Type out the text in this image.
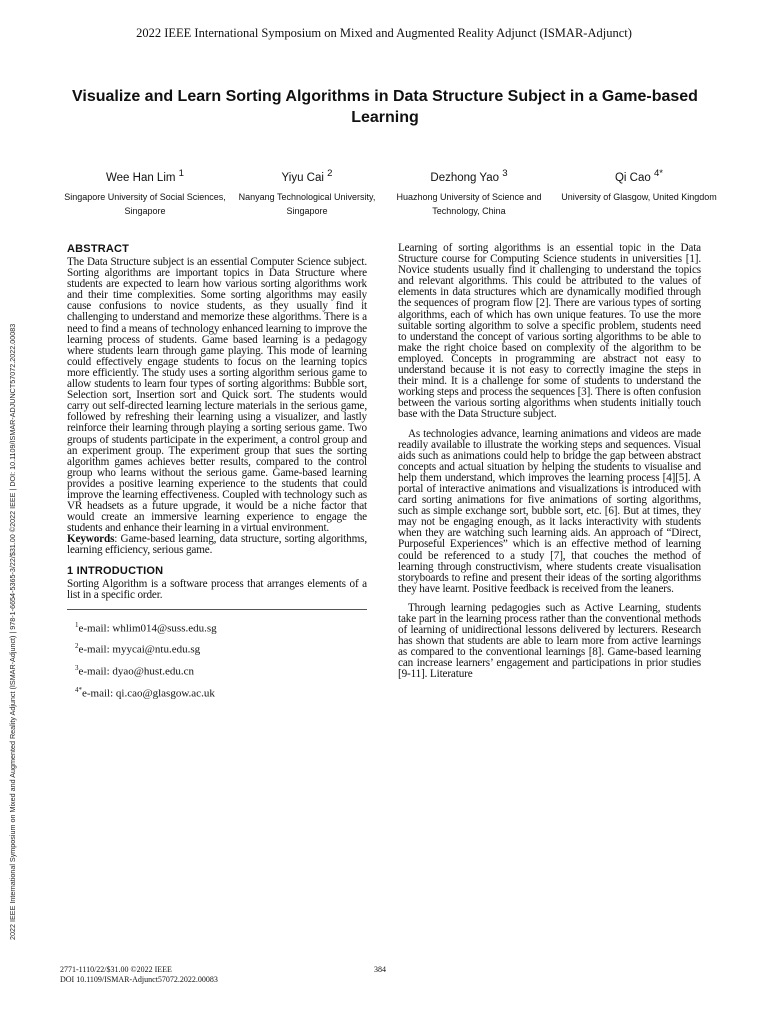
2022 IEEE International Symposium on Mixed and Augmented Reality Adjunct (ISMAR-Adjunct)
2022 IEEE International Symposium on Mixed and Augmented Reality Adjunct (ISMAR-Adjunct) | 978-1-6654-5365-3/22/$31.00 ©2022 IEEE | DOI: 10.1109/ISMAR-ADJUNCT57072.2022.00083
Visualize and Learn Sorting Algorithms in Data Structure Subject in a Game-based Learning
Wee Han Lim $^1$
Singapore University of Social Sciences, Singapore
Yiyu Cai $^2$
Nanyang Technological University, Singapore
Dezhong Yao $^3$
Huazhong University of Science and Technology, China
Qi Cao $^{4*}$
University of Glasgow, United Kingdom
ABSTRACT

The Data Structure subject is an essential Computer Science subject. Sorting algorithms are important topics in Data Structure where students are expected to learn how various sorting algorithms work and their time complexities. Some sorting algorithms may easily cause confusions to novice students, as they usually find it challenging to understand and memorize these algorithms. There is a need to find a means of technology enhanced learning to improve the learning process of students. Game based learning is a pedagogy where students learn through game playing. This mode of learning could effectively engage students to focus on the learning topics more efficiently. The study uses a sorting algorithm serious game to allow students to learn four types of sorting algorithms: Bubble sort, Selection sort, Insertion sort and Quick sort. The students would carry out self-directed learning lecture materials in the serious game, followed by refreshing their learning using a visualizer, and lastly reinforce their learning through playing a sorting serious game. Two groups of students participate in the experiment, a control group and an experiment group. The experiment group that sues the sorting algorithm games achieves better results, compared to the control group who learns without the serious game. Game-based learning provides a positive learning experience to the students that could improve the learning effectiveness. Coupled with technology such as VR headsets as a future upgrade, it would be a niche factor that would create an immersive learning experience to engage the students and enhance their learning in a virtual environment.

Keywords: Game-based learning, data structure, sorting algorithms, learning efficiency, serious game.

1 INTRODUCTION

Sorting Algorithm is a software process that arranges elements of a list in a specific order.

$^1$e-mail: whlim014@suss.edu.sg
$^2$e-mail: myycai@ntu.edu.sg
$^3$e-mail: dyao@hust.edu.cn
$^{4*}$e-mail: qi.cao@glasgow.ac.uk

Learning of sorting algorithms is an essential topic in the Data Structure course for Computing Science students in universities [1]. Novice students usually find it challenging to understand the topics and relevant algorithms. This could be attributed to the values of elements in data structures which are dynamically modified through the sequences of program flow [2]. There are various types of sorting algorithms, each of which has own unique features. To use the more suitable sorting algorithm to solve a specific problem, students need to understand the concept of various sorting algorithms to be able to make the right choice based on complexity of the algorithm to be employed. Concepts in programming are abstract not easy to understand because it is not easy to correctly imagine the steps in their mind. It is a challenge for some of students to understand the working steps and process the sequences [3]. There is often confusion between the various sorting algorithms when students initially touch base with the Data Structure subject.

As technologies advance, learning animations and videos are made readily available to illustrate the working steps and sequences. Visual aids such as animations could help to bridge the gap between abstract concepts and actual situation by helping the students to visualise and help them understand, which improves the learning process [4][5]. A portal of interactive animations and visualizations is introduced with card sorting animations for five animations of sorting algorithms, such as simple exchange sort, bubble sort, etc. [6]. But at times, they may not be engaging enough, as it lacks interactivity with students when they are watching such learning aids. An approach of “Direct, Purposeful Experiences” which is an effective method of learning could be referenced to a study [7], that couches the method of learning through constructivism, where students create visualisation storyboards to refine and present their ideas of the sorting algorithms they have learnt. Positive feedback is received from the leaners.

Through learning pedagogies such as Active Learning, students take part in the learning process rather than the conventional methods of learning of unidirectional lessons delivered by lecturers. Research has shown that students are able to learn more from active learnings as compared to the conventional learnings [8]. Game-based learning can increase learners’ engagement and participations in prior studies [9-11]. Literature

2771-1110/22/$31.00 ©2022 IEEE
DOI 10.1109/ISMAR-Adjunct57072.2022.00083
384
